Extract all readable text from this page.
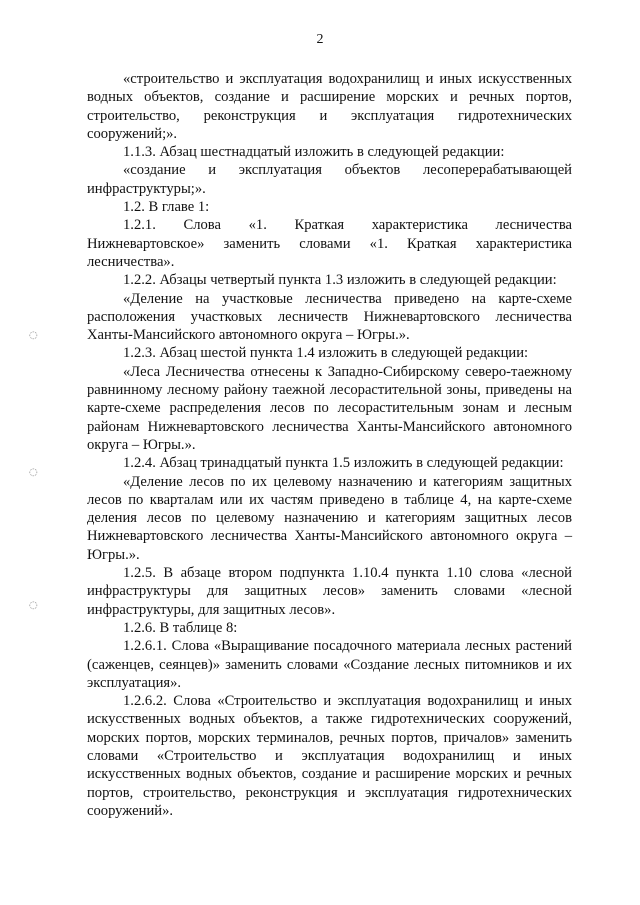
2
◌
◌
◌

«строительство и эксплуатация водохранилищ и иных искусственных водных объектов, создание и расширение морских и речных портов, строительство, реконструкция и эксплуатация гидротехнических сооружений;».

1.1.3. Абзац шестнадцатый изложить в следующей редакции:

«создание и эксплуатация объектов лесоперерабатывающей инфраструктуры;».

1.2. В главе 1:

1.2.1. Слова «1. Краткая характеристика лесничества Нижневартовское» заменить словами «1. Краткая характеристика лесничества».

1.2.2. Абзацы четвертый пункта 1.3 изложить в следующей редакции:

«Деление на участковые лесничества приведено на карте-схеме расположения участковых лесничеств Нижневартовского лесничества Ханты-Мансийского автономного округа – Югры.».

1.2.3. Абзац шестой пункта 1.4 изложить в следующей редакции:

«Леса Лесничества отнесены к Западно-Сибирскому северо-таежному равнинному лесному району таежной лесорастительной зоны, приведены на карте-схеме распределения лесов по лесорастительным зонам и лесным районам Нижневартовского лесничества Ханты-Мансийского автономного округа – Югры.».

1.2.4. Абзац тринадцатый пункта 1.5 изложить в следующей редакции:

«Деление лесов по их целевому назначению и категориям защитных лесов по кварталам или их частям приведено в таблице 4, на карте-схеме деления лесов по целевому назначению и категориям защитных лесов Нижневартовского лесничества Ханты-Мансийского автономного округа – Югры.».

1.2.5. В абзаце втором подпункта 1.10.4 пункта 1.10 слова «лесной инфраструктуры для защитных лесов» заменить словами «лесной инфраструктуры, для защитных лесов».

1.2.6. В таблице 8:

1.2.6.1. Слова «Выращивание посадочного материала лесных растений (саженцев, сеянцев)» заменить словами «Создание лесных питомников и их эксплуатация».

1.2.6.2. Слова «Строительство и эксплуатация водохранилищ и иных искусственных водных объектов, а также гидротехнических сооружений, морских портов, морских терминалов, речных портов, причалов» заменить словами «Строительство и эксплуатация водохранилищ и иных искусственных водных объектов, создание и расширение морских и речных портов, строительство, реконструкция и эксплуатация гидротехнических сооружений».
